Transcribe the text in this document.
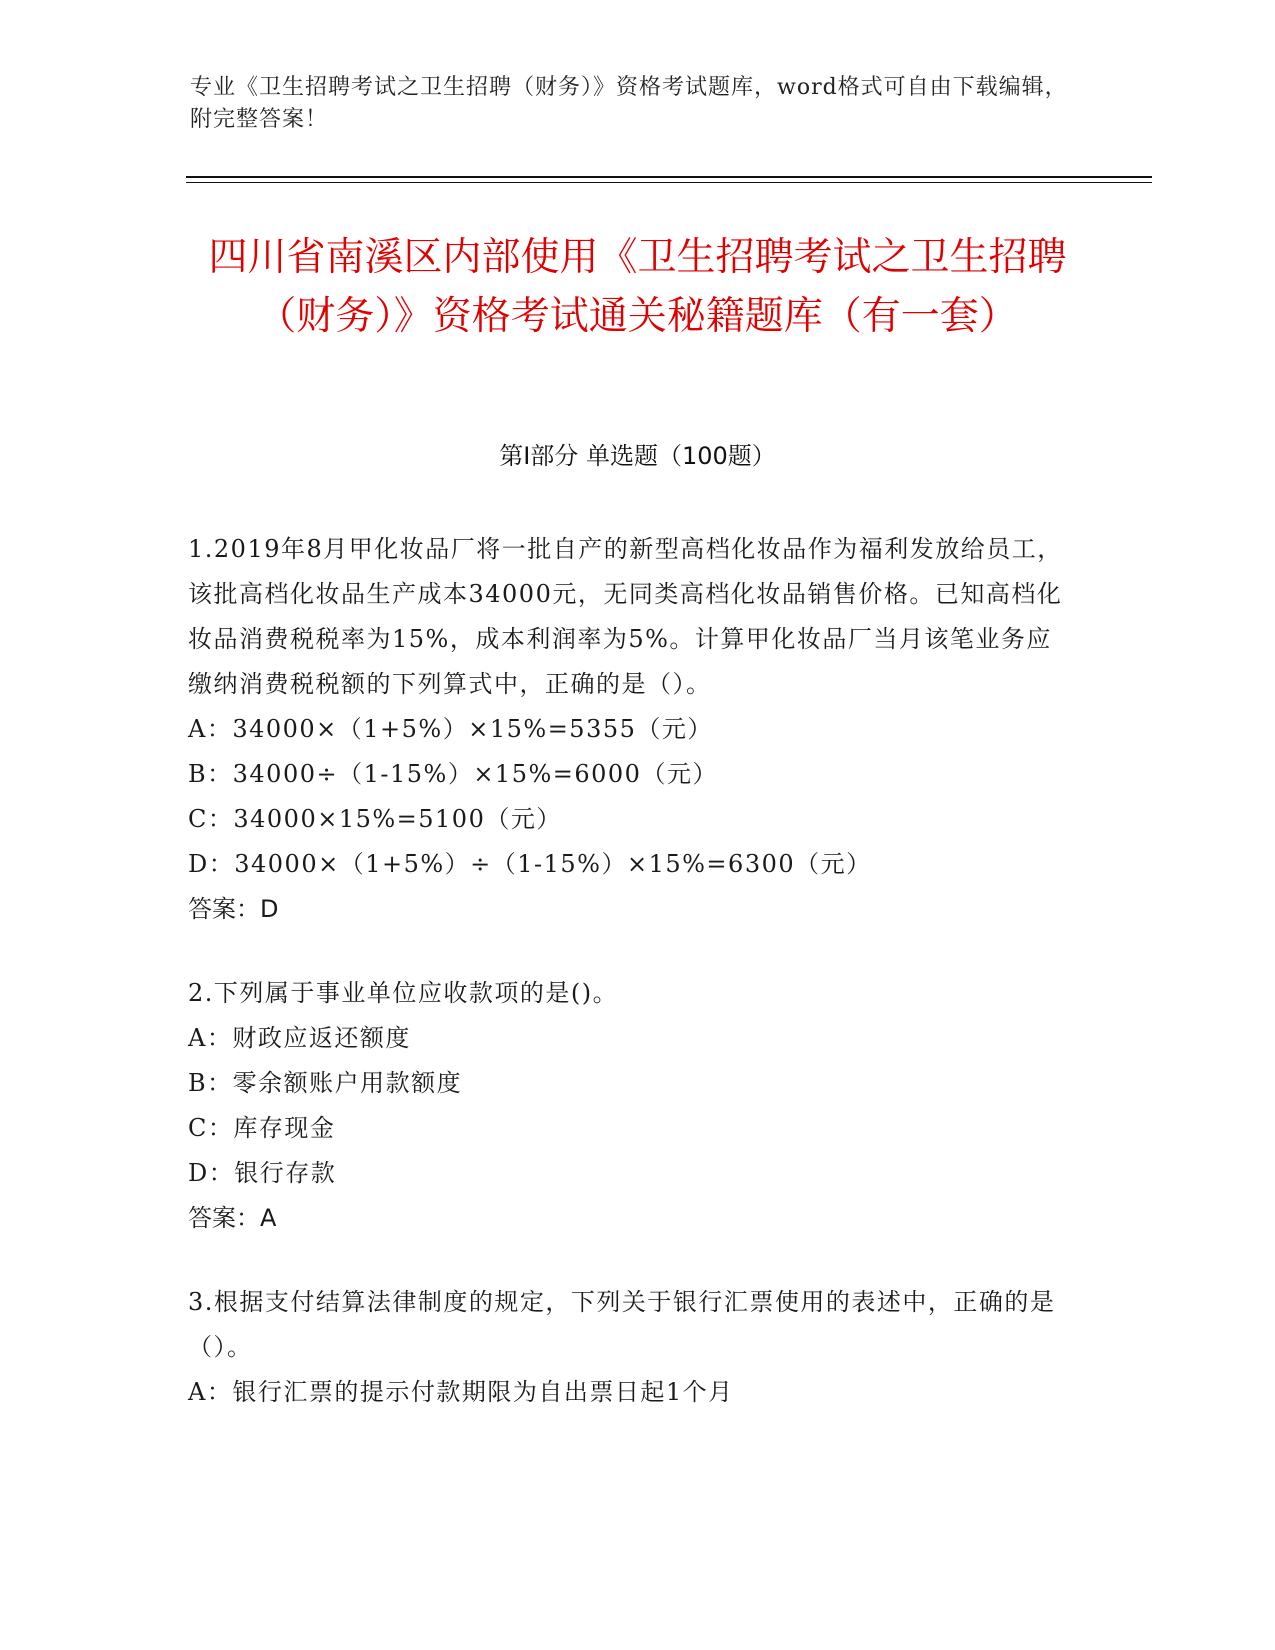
专业《卫生招聘考试之卫生招聘（财务）》资格考试题库，word格式可自由下载编辑，附完整答案！
四川省南溪区内部使用《卫生招聘考试之卫生招聘（财务）》资格考试通关秘籍题库（有一套）
第Ⅰ部分 单选题（100题）

1.2019年8月甲化妆品厂将一批自产的新型高档化妆品作为福利发放给员工，该批高档化妆品生产成本34000元，无同类高档化妆品销售价格。已知高档化妆品消费税税率为15%，成本利润率为5%。计算甲化妆品厂当月该笔业务应缴纳消费税税额的下列算式中，正确的是（）。

A：34000×（1+5%）×15%=5355（元）

B：34000÷（1-15%）×15%=6000（元）

C：34000×15%=5100（元）

D：34000×（1+5%）÷（1-15%）×15%=6300（元）

答案：D

2.下列属于事业单位应收款项的是()。

A：财政应返还额度

B：零余额账户用款额度

C：库存现金

D：银行存款

答案：A

3.根据支付结算法律制度的规定，下列关于银行汇票使用的表述中，正确的是（）。

A：银行汇票的提示付款期限为自出票日起1个月
